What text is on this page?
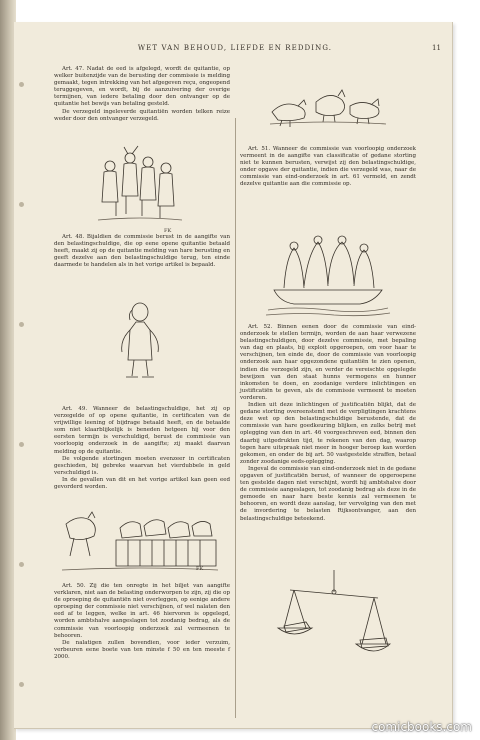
WET VAN BEHOUD, LIEFDE EN REDDING.	11

Art. 47. Nadat de eed is afgelegd, wordt de quitantie, op welker buitenzijde van de berusting der commissie is melding gemaakt, tegen intrekking van het afgegeven reçu, ongeopend teruggegeven, en wordt, bij de aanzuivering der overige termijnen, van iedere betaling door den ontvanger op de quitantie het bewijs van betaling gesteld.

De verzegeld ingeleverde quitantiën worden telken reize weder door den ontvanger verzegeld.

Art. 48. Bijaldien de commissie berust in de aangifte van den belastingschuldige, die op eene opene quitantie betaald heeft, maakt zij op de quitantie melding van hare berusting en geeft dezelve aan den belastingschuldige terug, ten einde daarmede te handelen als in het vorige artikel is bepaald.

Art. 49. Wanneer de belastingschuldige, het zij op verzegelde of op opene quitantie, in certificaten van de vrijwillige leening of bijdrage betaald heeft, en de betaalde som niet klaarblijkelijk is beneden hetgeen hij voor den eersten termijn is verschuldigd, berust de commissie van voorloopig onderzoek in de aangifte; zij maakt daarvan melding op de quitantie.

De volgende stortingen moeten evenzeer in certificaten geschieden, bij gebreke waarvan het vierdubbele in geld verschuldigd is.

In de gevallen van dit en het vorige artikel kan geen eed gevorderd worden.

Art. 50. Zij die ten onregte in het biljet van aangifte verklaren, niet aan de belasting onderworpen te zijn, zij die op de oproeping de quitantiën niet overleggen, op eenige andere oproeping der commissie niet verschijnen, of wel nalaten den eed af te leggen, welke in art. 46 hiervoren is opgelegd, worden ambtshalve aangeslagen tot zoodanig bedrag, als de commissie van voorloopig onderzoek zal vermeenen te behooren.

De nalatigen zullen bovendien, voor ieder verzuim, verbeuren eene boete van ten minste f 50 en ten meeste f 2000.

Art. 51. Wanneer de commissie van voorloopig onderzoek vermeent in de aangifte van classificatie of gedane storting niet te kunnen berusten, verwijst zij den belastingschuldige, onder opgave der quitantie, indien die verzegeld was, naar de commissie van eind-onderzoek in art. 61 vermeld, en zendt dezelve quitantie aan die commissie op.

Art. 52. Binnen eenen door de commissie van eind-onderzoek te stellen termijn, worden de aan haar verwezene belastingschuldigen, door dezelve commissie, met bepaling van dag en plaats, bij exploit opgeroepen, om voor haar te verschijnen, ten einde de, door de commissie van voorloopig onderzoek aan haar opgezondene quitantiën te zien openen, indien die verzegeld zijn, en verder de vereischte opgelegde bewijzen van den staat hunns vermogens en hunner inkomsten te doen, en zoodanige verdere inlichtingen en justificatiën te geven, als de commissie vermeent te moeten vorderen.

Indien uit deze inlichtingen of justificatiën blijkt, dat de gedane storting overeenstemt met de verpligtingen krachtens deze wet op den belastingschuldige berustende, dat de commissie van hare goedkeuring blijken, en zulks betrij met oplegging van den in art. 46 voorgeschreven eed, binnen den daarbij uitgedrukten tijd, te rekenen van den dag, waarop tegen hare uitspraak niet meer in hooger beroep kan worden gekomen, en onder de bij art. 50 vastgestelde straffen, betaal zonder zoodanige eeds-oplegging.

Ingeval de commissie van eind-onderzoek niet in de gedane opgaven of justificatiën berust, of wanneer de opgeroepene ten gestelde dagen niet verschijnt, wordt hij ambtshalve door de commissie aangeslagen, tot zoodanig bedrag als deze in de gemoede en naar hare beste kennis zal vermeenen te behooren, en wordt deze aanslag, ter vervolging van den met de invordering te belasten Rijksontvanger, aan den belastingschuldige beteekend.

FK
FK
comicbooks.com
